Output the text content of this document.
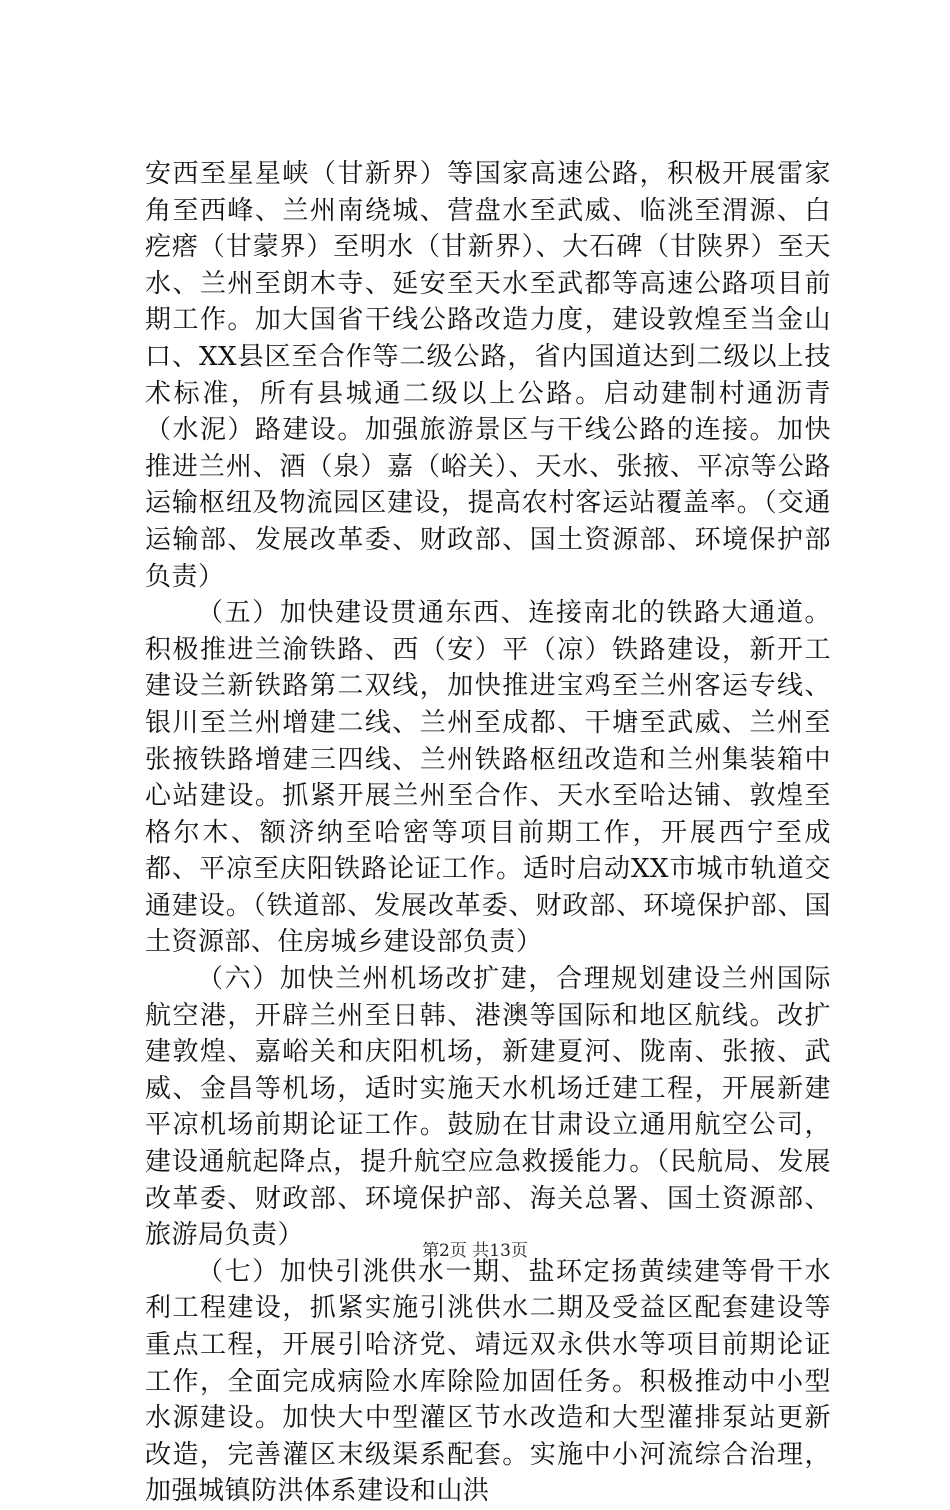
安西至星星峡（甘新界）等国家高速公路，积极开展雷家角至西峰、兰州南绕城、营盘水至武威、临洮至渭源、白疙瘩（甘蒙界）至明水（甘新界）、大石碑（甘陕界）至天水、兰州至朗木寺、延安至天水至武都等高速公路项目前期工作。加大国省干线公路改造力度，建设敦煌至当金山口、XX县区至合作等二级公路，省内国道达到二级以上技术标准，所有县城通二级以上公路。启动建制村通沥青（水泥）路建设。加强旅游景区与干线公路的连接。加快推进兰州、酒（泉）嘉（峪关）、天水、张掖、平凉等公路运输枢纽及物流园区建设，提高农村客运站覆盖率。（交通运输部、发展改革委、财政部、国土资源部、环境保护部负责）

（五）加快建设贯通东西、连接南北的铁路大通道。积极推进兰渝铁路、西（安）平（凉）铁路建设，新开工建设兰新铁路第二双线，加快推进宝鸡至兰州客运专线、银川至兰州增建二线、兰州至成都、干塘至武威、兰州至张掖铁路增建三四线、兰州铁路枢纽改造和兰州集装箱中心站建设。抓紧开展兰州至合作、天水至哈达铺、敦煌至格尔木、额济纳至哈密等项目前期工作，开展西宁至成都、平凉至庆阳铁路论证工作。适时启动XX市城市轨道交通建设。（铁道部、发展改革委、财政部、环境保护部、国土资源部、住房城乡建设部负责）

（六）加快兰州机场改扩建，合理规划建设兰州国际航空港，开辟兰州至日韩、港澳等国际和地区航线。改扩建敦煌、嘉峪关和庆阳机场，新建夏河、陇南、张掖、武威、金昌等机场，适时实施天水机场迁建工程，开展新建平凉机场前期论证工作。鼓励在甘肃设立通用航空公司，建设通航起降点，提升航空应急救援能力。（民航局、发展改革委、财政部、环境保护部、海关总署、国土资源部、旅游局负责）

（七）加快引洮供水一期、盐环定扬黄续建等骨干水利工程建设，抓紧实施引洮供水二期及受益区配套建设等重点工程，开展引哈济党、靖远双永供水等项目前期论证工作，全面完成病险水库除险加固任务。积极推动中小型水源建设。加快大中型灌区节水改造和大型灌排泵站更新改造，完善灌区末级渠系配套。实施中小河流综合治理，加强城镇防洪体系建设和山洪

第2页 共13页
